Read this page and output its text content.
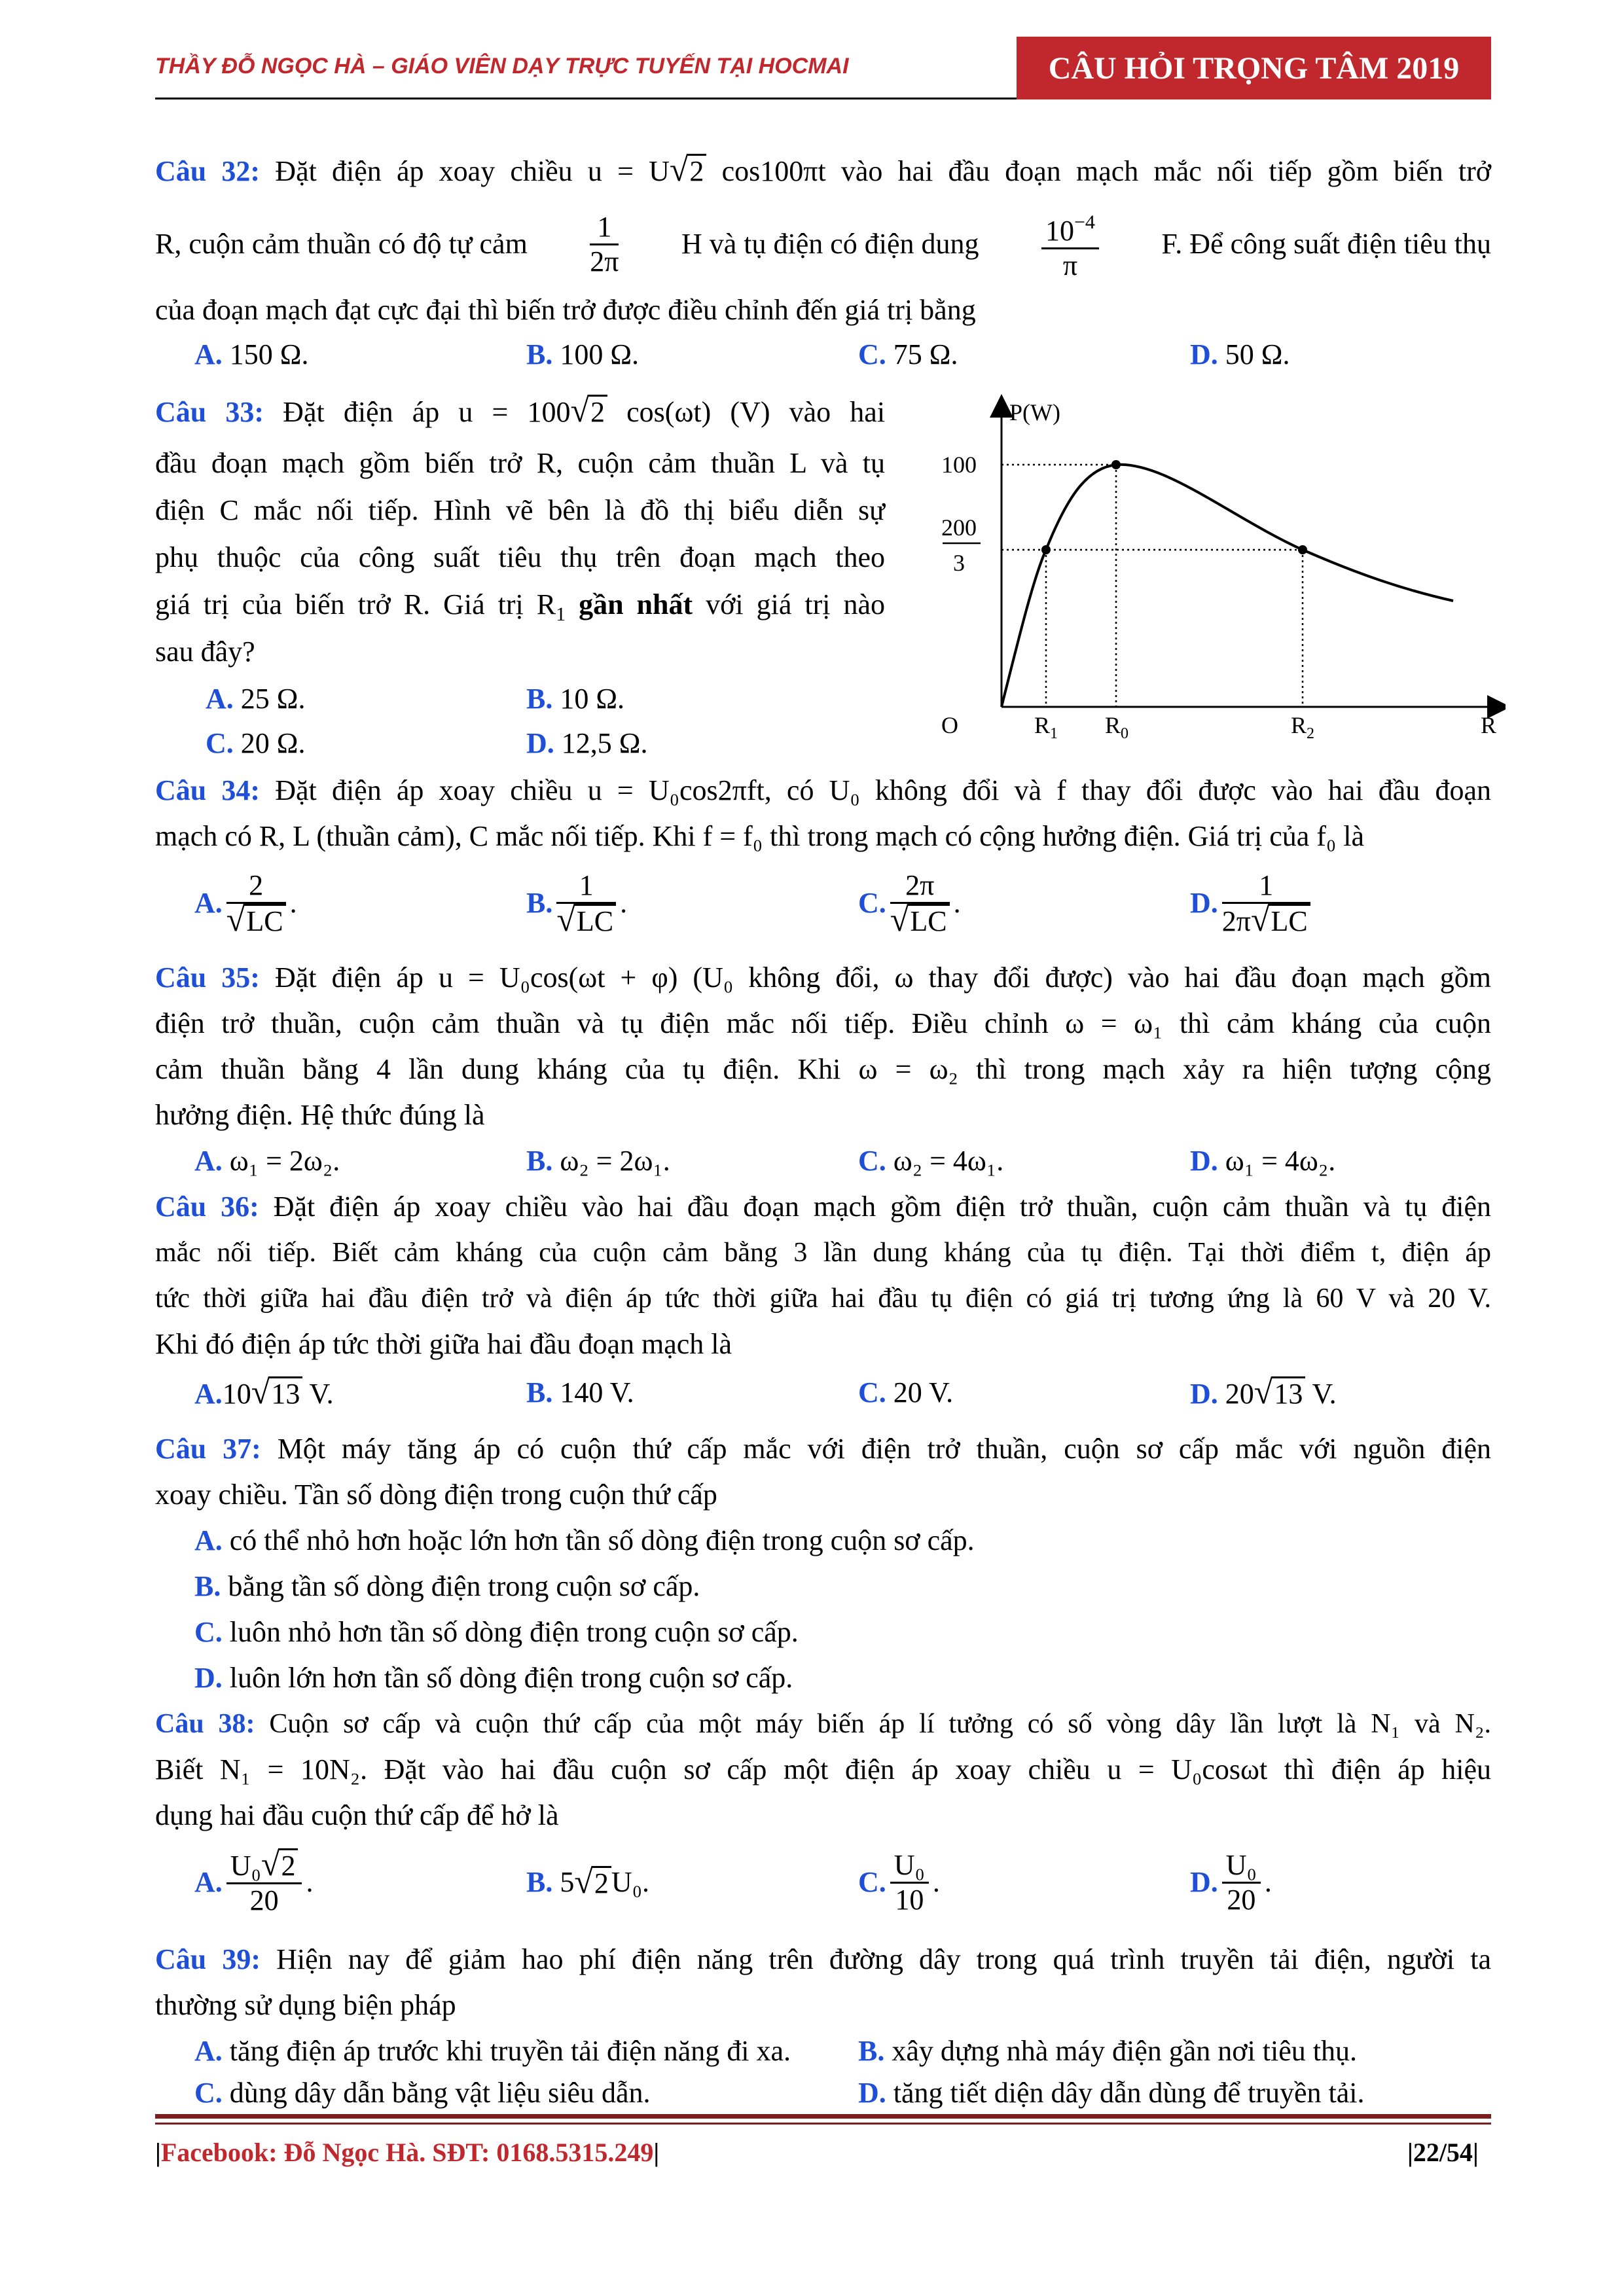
THẦY ĐỖ NGỌC HÀ – GIÁO VIÊN DẠY TRỰC TUYẾN TẠI HOCMAI	CÂU HỎI TRỌNG TÂM 2019
Câu 32: Đặt điện áp xoay chiều u = U√2 cos100πt vào hai đầu đoạn mạch mắc nối tiếp gồm biến trở
R, cuộn cảm thuần có độ tự cảm $\frac{1}{2\pi}$ H và tụ điện có điện dung $\frac{10^{-4}}{\pi} F$. Để công suất điện tiêu thụ
của đoạn mạch đạt cực đại thì biến trở được điều chỉnh đến giá trị bằng
A. 150 Ω.	B. 100 Ω.	C. 75 Ω.	D. 50 Ω.
Câu 33: Đặt điện áp u = 100√2 cos(ωt) (V) vào hai
đầu đoạn mạch gồm biến trở R, cuộn cảm thuần L và tụ
điện C mắc nối tiếp. Hình vẽ bên là đồ thị biểu diễn sự
phụ thuộc của công suất tiêu thụ trên đoạn mạch theo
giá trị của biến trở R. Giá trị $R_1$ gần nhất với giá trị nào
sau đây?
A. 25 Ω.	B. 10 Ω.
C. 20 Ω.	D. 12,5 Ω.
P(W)
100
200
3
O	$R_1$ $R_0$	$R_2$	R
Câu 34: Đặt điện áp xoay chiều u = U₀cos2πft, có U₀ không đổi và f thay đổi được vào hai đầu đoạn
mạch có R, L (thuần cảm), C mắc nối tiếp. Khi f = f₀ thì trong mạch có cộng hưởng điện. Giá trị của f₀ là
A. $\frac{2}{√LC}$ .	B. $\frac{1}{√LC}$ .	C. $\frac{2\pi}{√LC}$ .	D. $\frac{1}{2\pi√LC}$
Câu 35: Đặt điện áp u = U₀cos(ωt + φ) (U₀ không đổi, ω thay đổi được) vào hai đầu đoạn mạch gồm
điện trở thuần, cuộn cảm thuần và tụ điện mắc nối tiếp. Điều chỉnh ω = ω₁ thì cảm kháng của cuộn
cảm thuần bằng 4 lần dung kháng của tụ điện. Khi ω = ω₂ thì trong mạch xảy ra hiện tượng cộng
hưởng điện. Hệ thức đúng là
A. ω₁ = 2ω₂.	B. ω₂ = 2ω₁.	C. ω₂ = 4ω₁.	D. ω₁ = 4ω₂.
Câu 36: Đặt điện áp xoay chiều vào hai đầu đoạn mạch gồm điện trở thuần, cuộn cảm thuần và tụ điện
mắc nối tiếp. Biết cảm kháng của cuộn cảm bằng 3 lần dung kháng của tụ điện. Tại thời điểm t, điện áp
tức thời giữa hai đầu điện trở và điện áp tức thời giữa hai đầu tụ điện có giá trị tương ứng là 60 V và 20 V.
Khi đó điện áp tức thời giữa hai đầu đoạn mạch là
A.10√13 V.	B. 140 V.	C. 20 V.	D. 20√13 V.
Câu 37: Một máy tăng áp có cuộn thứ cấp mắc với điện trở thuần, cuộn sơ cấp mắc với nguồn điện
xoay chiều. Tần số dòng điện trong cuộn thứ cấp
A. có thể nhỏ hơn hoặc lớn hơn tần số dòng điện trong cuộn sơ cấp.
B. bằng tần số dòng điện trong cuộn sơ cấp.
C. luôn nhỏ hơn tần số dòng điện trong cuộn sơ cấp.
D. luôn lớn hơn tần số dòng điện trong cuộn sơ cấp.
Câu 38: Cuộn sơ cấp và cuộn thứ cấp của một máy biến áp lí tưởng có số vòng dây lần lượt là N₁ và N₂.
Biết N₁ = 10N₂. Đặt vào hai đầu cuộn sơ cấp một điện áp xoay chiều u = U₀cosωt thì điện áp hiệu
dụng hai đầu cuộn thứ cấp để hở là
A. $\frac{\text{U₀√2}}{20}$ .	B.
5 √ 2 U₀.	C. $\frac{\text{U₀}}{10}$ .	D. $\frac{\text{U₀}}{20}$ .
Câu 39: Hiện nay để giảm hao phí điện năng trên đường dây trong quá trình truyền tải điện, người ta
thường sử dụng biện pháp
A. tăng điện áp trước khi truyền tải điện năng đi xa. B. xây dựng nhà máy điện gần nơi tiêu thụ.
C. dùng dây dẫn bằng vật liệu siêu dẫn.	D. tăng tiết diện dây dẫn dùng để truyền tải.
|Facebook: Đỗ Ngọc Hà. SĐT: 0168.5315.249|	|22/54|
